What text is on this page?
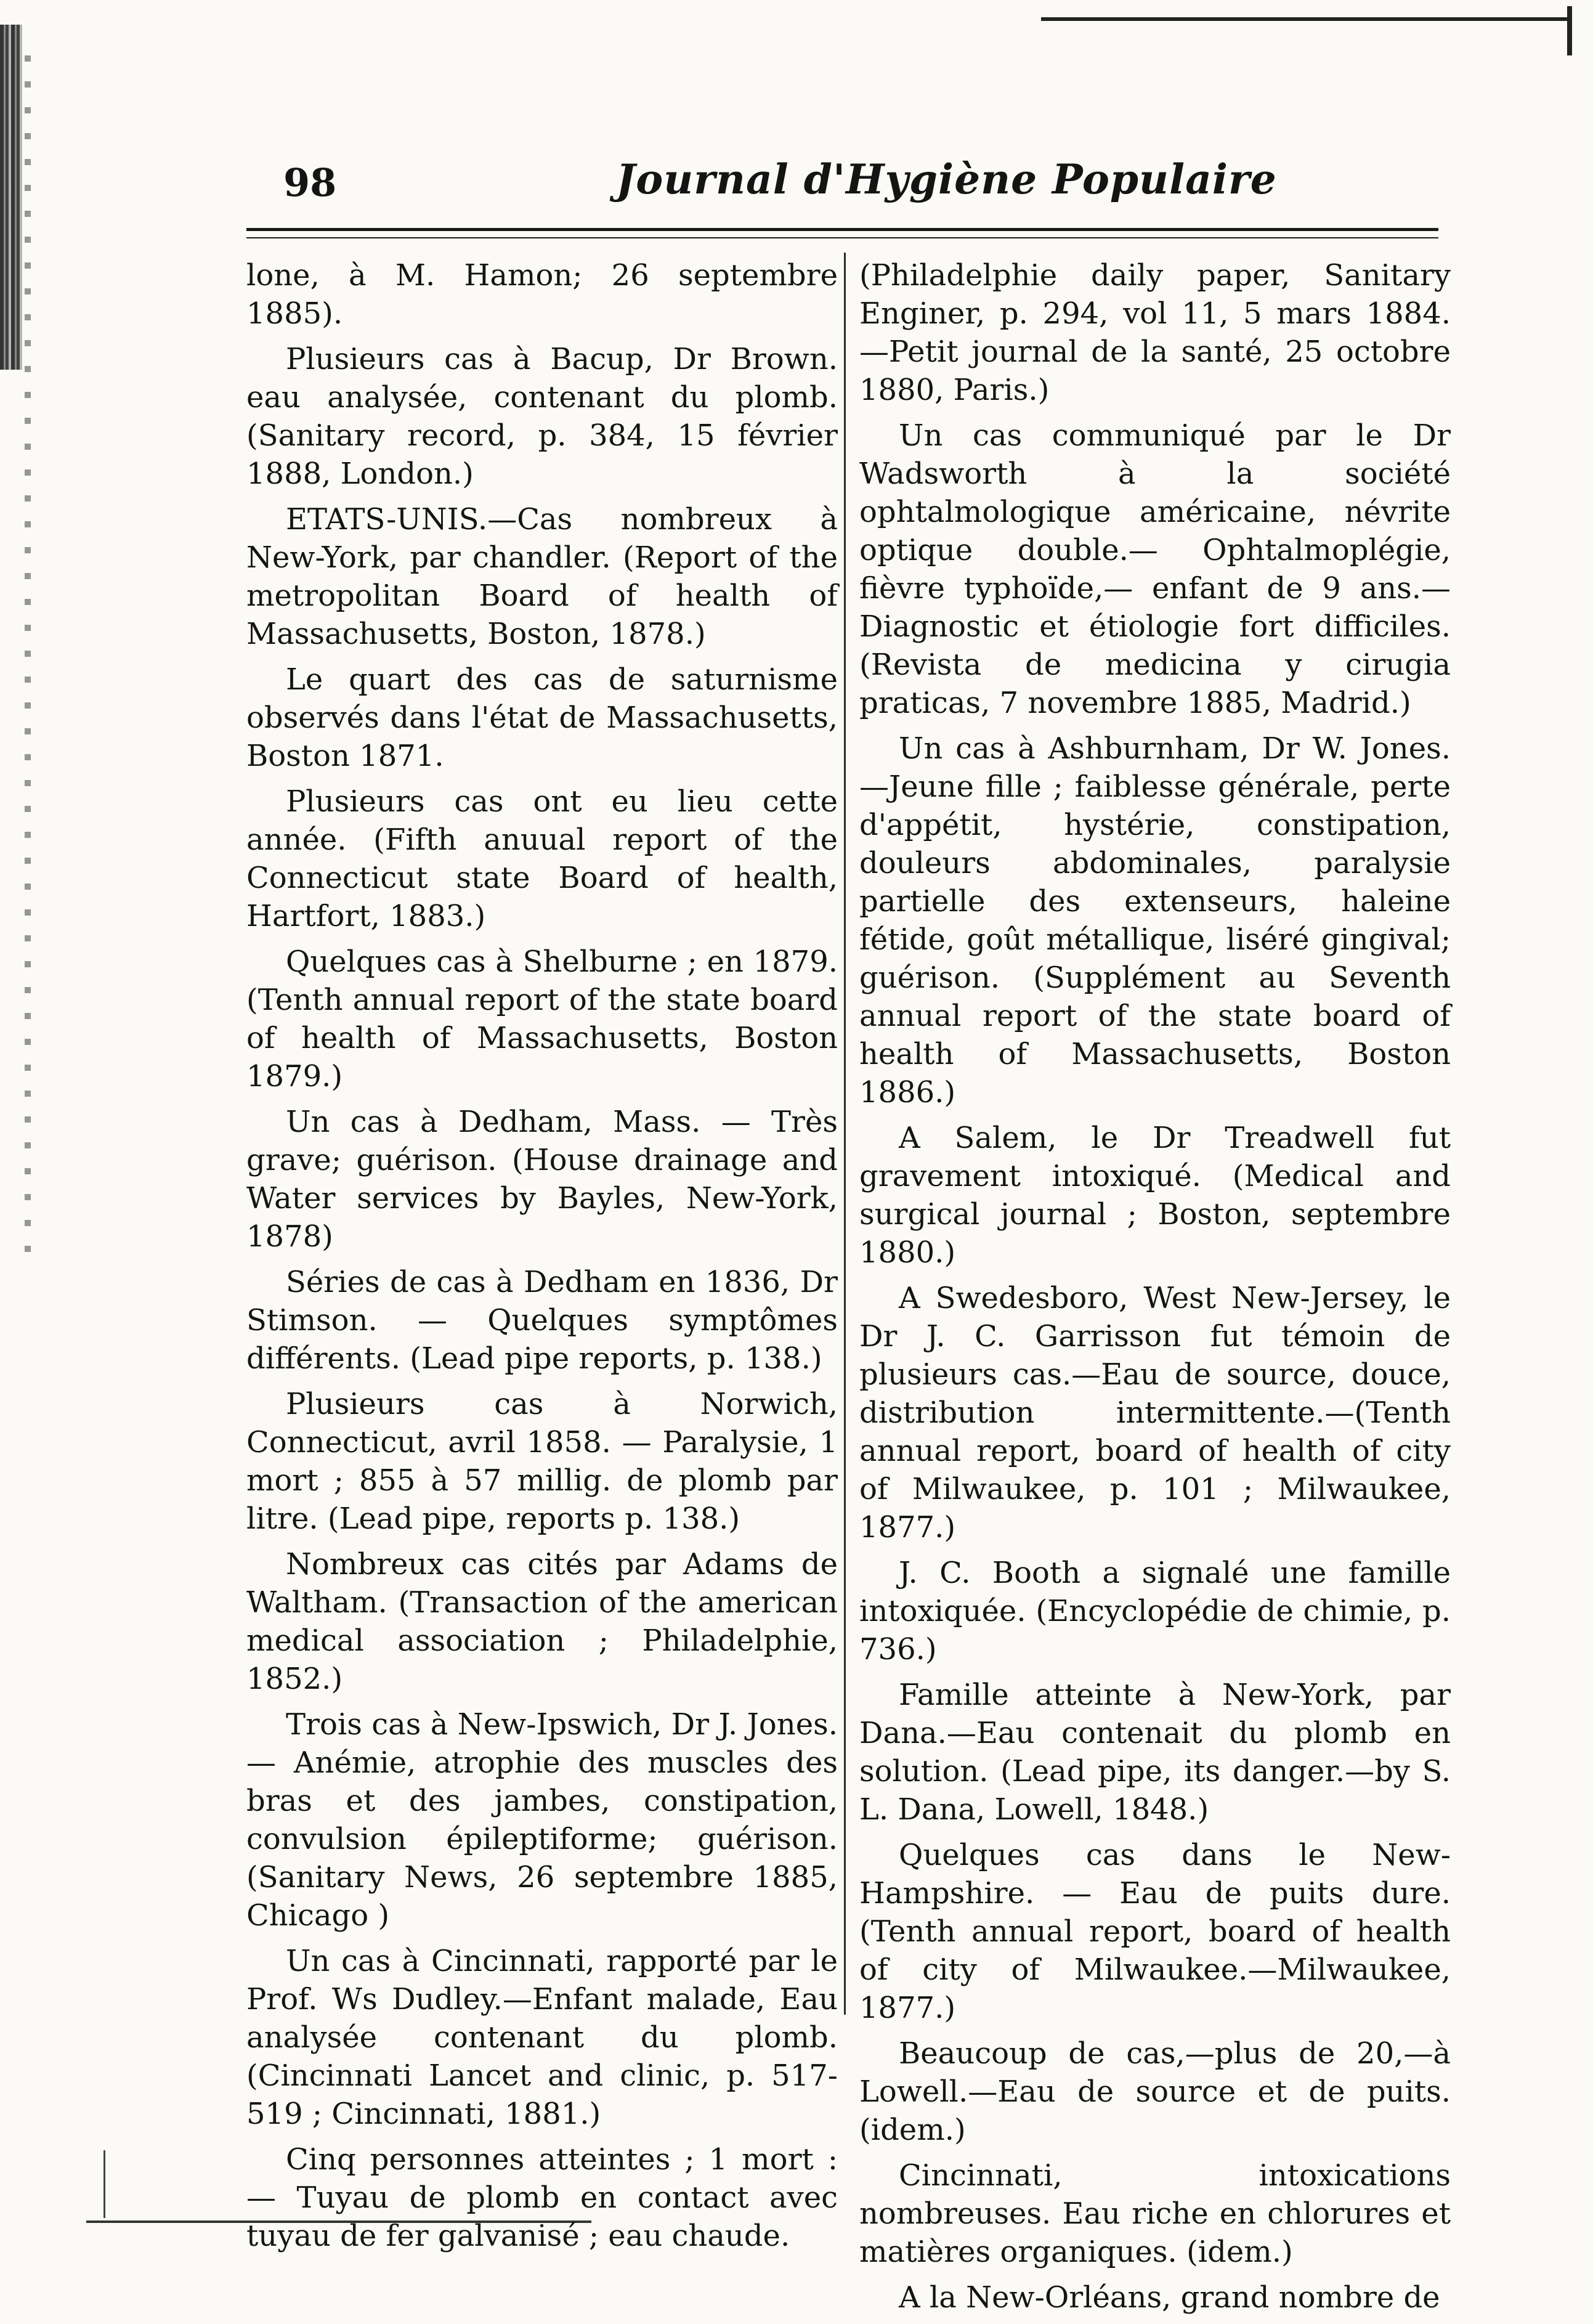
98	Journal d'Hygiène Populaire

lone, à M. Hamon; 26 septembre 1885).

Plusieurs cas à Bacup, Dr Brown. eau analysée, contenant du plomb. (Sanitary record, p. 384, 15 février 1888, London.)

ETATS-UNIS.—Cas nombreux à New-York, par chandler. (Report of the metropolitan Board of health of Massachusetts, Boston, 1878.)

Le quart des cas de saturnisme observés dans l'état de Massachusetts, Boston 1871.

Plusieurs cas ont eu lieu cette année. (Fifth anuual report of the Connecticut state Board of health, Hartfort, 1883.)

Quelques cas à Shelburne ; en 1879. (Tenth annual report of the state board of health of Massachusetts, Boston 1879.)

Un cas à Dedham, Mass. — Très grave; guérison. (House drainage and Water services by Bayles, New-York, 1878)

Séries de cas à Dedham en 1836, Dr Stimson. — Quelques symptômes différents. (Lead pipe reports, p. 138.)

Plusieurs cas à Norwich, Connecticut, avril 1858. — Paralysie, 1 mort ; 855 à 57 millig. de plomb par litre. (Lead pipe, reports p. 138.)

Nombreux cas cités par Adams de Waltham. (Transaction of the american medical association ; Philadelphie, 1852.)

Trois cas à New-Ipswich, Dr J. Jones. — Anémie, atrophie des muscles des bras et des jambes, constipation, convulsion épileptiforme; guérison. (Sanitary News, 26 septembre 1885, Chicago )

Un cas à Cincinnati, rapporté par le Prof. Ws Dudley.—Enfant malade, Eau analysée contenant du plomb. (Cincinnati Lancet and clinic, p. 517-519 ; Cincinnati, 1881.)

Cinq personnes atteintes ; 1 mort :— Tuyau de plomb en contact avec tuyau de fer galvanisé ; eau chaude.

(Philadelphie daily paper, Sanitary Enginer, p. 294, vol 11, 5 mars 1884. —Petit journal de la santé, 25 octobre 1880, Paris.)

Un cas communiqué par le Dr Wadsworth à la société ophtalmologique américaine, névrite optique double.— Ophtalmoplégie, fièvre typhoïde,— enfant de 9 ans.—Diagnostic et étiologie fort difficiles. (Revista de medicina y cirugia praticas, 7 novembre 1885, Madrid.)

Un cas à Ashburnham, Dr W. Jones.—Jeune fille ; faiblesse générale, perte d'appétit, hystérie, constipation, douleurs abdominales, paralysie partielle des extenseurs, haleine fétide, goût métallique, liséré gingival; guérison. (Supplément au Seventh annual report of the state board of health of Massachusetts, Boston 1886.)

A Salem, le Dr Treadwell fut gravement intoxiqué. (Medical and surgical journal ; Boston, septembre 1880.)

A Swedesboro, West New-Jersey, le Dr J. C. Garrisson fut témoin de plusieurs cas.—Eau de source, douce, distribution intermittente.—(Tenth annual report, board of health of city of Milwaukee, p. 101 ; Milwaukee, 1877.)

J. C. Booth a signalé une famille intoxiquée. (Encyclopédie de chimie, p. 736.)

Famille atteinte à New-York, par Dana.—Eau contenait du plomb en solution. (Lead pipe, its danger.—by S. L. Dana, Lowell, 1848.)

Quelques cas dans le New-Hampshire. — Eau de puits dure. (Tenth annual report, board of health of city of Milwaukee.—Milwaukee, 1877.)

Beaucoup de cas,—plus de 20,—à Lowell.—Eau de source et de puits. (idem.)

Cincinnati, intoxications nombreuses. Eau riche en chlorures et matières organiques. (idem.)

A la New-Orléans, grand nombre de
